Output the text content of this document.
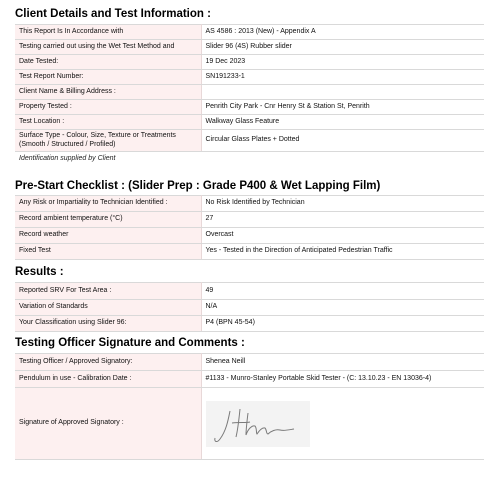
Client Details and Test Information :
This Report Is In Accordance with	AS 4586 : 2013 (New) - Appendix A
Testing carried out using the Wet Test Method and	Slider 96 (4S) Rubber slider
Date Tested:	19 Dec 2023
Test Report Number:	SN191233-1
Client Name & Billing Address :	
Property Tested :	Penrith City Park - Cnr Henry St & Station St, Penrith
Test Location :	Walkway Glass Feature
Surface Type - Colour, Size, Texture or Treatments (Smooth / Structured / Profiled)	Circular Glass Plates + Dotted
Identification supplied by Client
Pre-Start Checklist : (Slider Prep : Grade P400 & Wet Lapping Film)
Any Risk or Impartiality to Technician Identified :	No Risk Identified by Technician
Record ambient temperature (°C)	27
Record weather	Overcast
Fixed Test	Yes - Tested in the Direction of Anticipated Pedestrian Traffic
Results :
Reported SRV For Test Area :	49
Variation of Standards	N/A
Your Classification using Slider 96:	P4 (BPN 45-54)
Testing Officer Signature and Comments :
Testing Officer / Approved Signatory:	Shenea Neill
Pendulum in use - Calibration Date :	#1133 - Munro-Stanley Portable Skid Tester - (C: 13.10.23 - EN 13036-4)
Signature of Approved Signatory :	
